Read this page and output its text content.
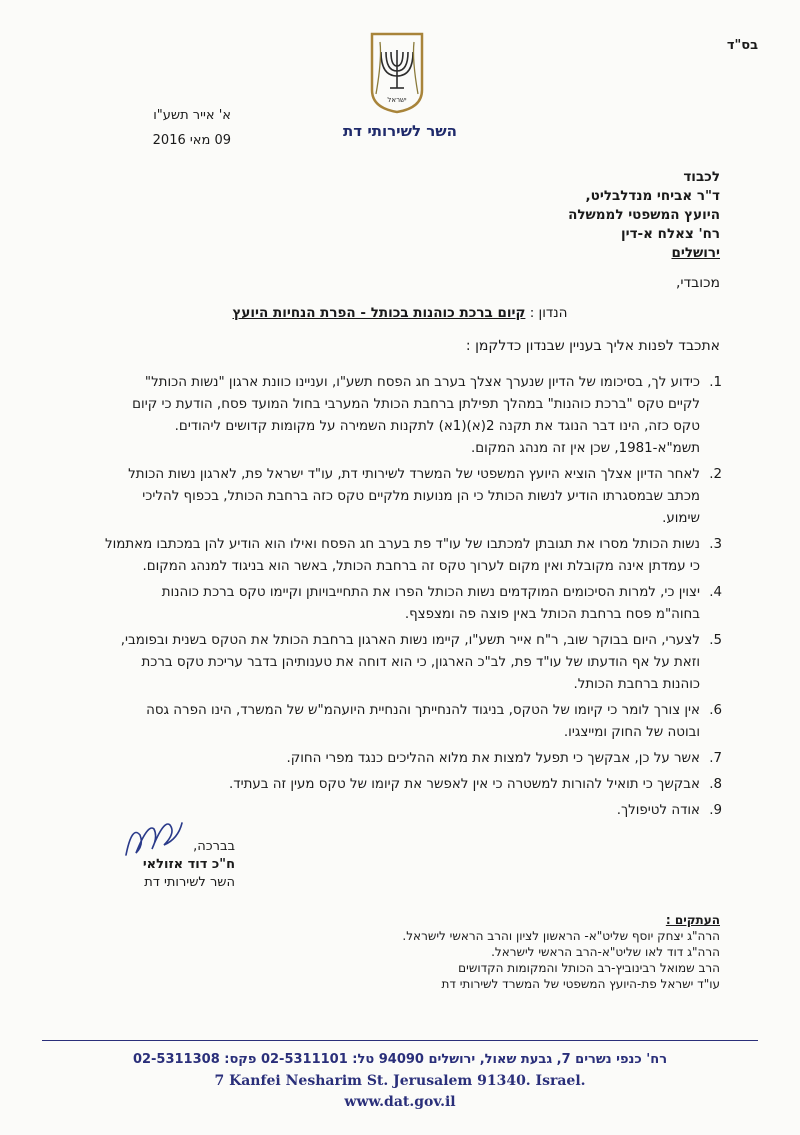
בס"ד
ישראל
השר לשירותי דת
א' אייר תשע"ו
09 מאי 2016
לכבוד
ד"ר אביחי מנדלבליט,
היועץ המשפטי לממשלה
רח' צאלח א-דין
ירושלים
מכובדי,
הנדון : קיום ברכת כוהנות בכותל - הפרת הנחיות היועץ
אתכבד לפנות אליך בעניין שבנדון כדלקמן :
1.
כידוע לך, בסיכומו של הדיון שנערך אצלך בערב חג הפסח תשע"ו, ועניינו כוונת ארגון "נשות הכותל"
לקיים טקס "ברכת כוהנות" במהלך תפילתן ברחבת הכותל המערבי בחול המועד פסח, הודעת כי קיום
טקס כזה, הינו דבר הנוגד את תקנה 2(א)(1א) לתקנות השמירה על מקומות קדושים ליהודים.
תשמ"א-1981, שכן אין זה מנהג המקום.
2.
לאחר הדיון אצלך הוציא היועץ המשפטי של המשרד לשירותי דת, עו"ד ישראל פת, לארגון נשות הכותל
מכתב שבמסגרתו הודיע לנשות הכותל כי הן מנועות מלקיים טקס כזה ברחבת הכותל, בכפוף להליכי
שימוע.
3.
נשות הכותל מסרו את תגובתן למכתבו של עו"ד פת בערב חג הפסח ואילו הוא הודיע להן במכתבו מאתמול
כי עמדתן אינה מקובלת ואין מקום לערוך טקס זה ברחבת הכותל, באשר הוא בניגוד למנהג המקום.
4.
יצוין כי, למרות הסיכומים המוקדמים נשות הכותל הפרו את התחייבויותן וקיימו טקס ברכת כוהנות
בחוה"מ פסח ברחבת הכותל באין פוצה פה ומצפצף.
5.
לצערי, היום בבוקר שוב, ר"ח אייר תשע"ו, קיימו נשות הארגון ברחבת הכותל את הטקס בשנית ובפומבי,
וזאת על אף הודעתו של עו"ד פת, לב"כ הארגון, כי הוא דוחה את טענותיהן בדבר עריכת טקס ברכת
כוהנות ברחבת הכותל.
6.
אין צורך לומר כי קיומו של הטקס, בניגוד להנחייתך והנחיית היועהמ"ש של המשרד, הינו הפרה גסה
ובוטה של החוק ומייצגיו.
7.
אשר על כן, אבקשך כי תפעל למצות את מלוא ההליכים כנגד מפרי החוק.
8.
אבקשך כי תואיל להורות למשטרה כי אין לאפשר את קיומו של טקס מעין זה בעתיד.
9.
אודה לטיפולך.
בברכה,
ח"כ דוד אזולאי
השר לשירותי דת
העתקים :
הרה"ג יצחק יוסף שליט"א- הראשון לציון והרב הראשי לישראל.
הרה"ג דוד לאו שליט"א-הרב הראשי לישראל.
הרב שמואל רבינוביץ-רב הכותל והמקומות הקדושים
עו"ד ישראל פת-היועץ המשפטי של המשרד לשירותי דת
רח' כנפי נשרים 7, גבעת שאול, ירושלים 94090 טל: 02-5311101 פקס: 02-5311308
7 Kanfei Nesharim St. Jerusalem 91340. Israel.
www.dat.gov.il
